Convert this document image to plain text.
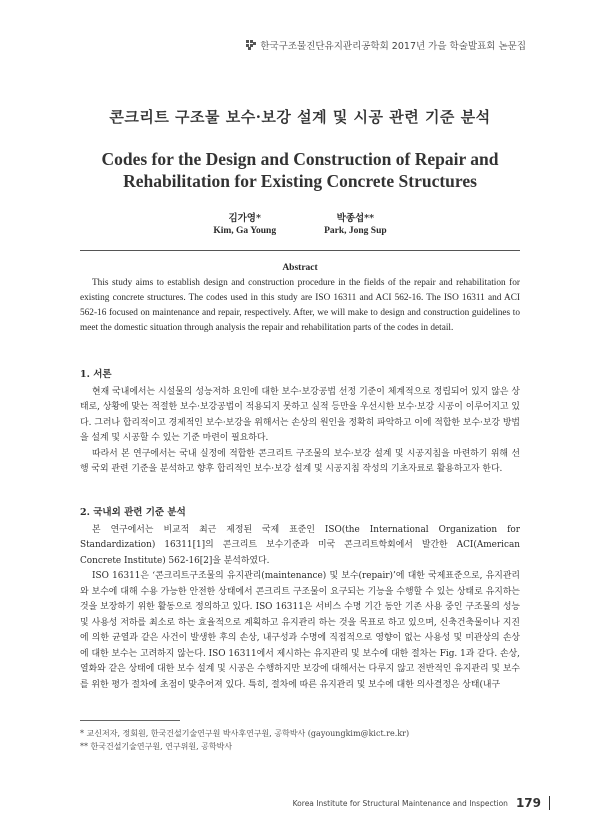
한국구조물진단유지관리공학회 2017년 가을 학술발표회 논문집
콘크리트 구조물 보수·보강 설계 및 시공 관련 기준 분석
Codes for the Design and Construction of Repair and
Rehabilitation for Existing Concrete Structures
김가영*
Kim, Ga Young
박종섭**
Park, Jong Sup
Abstract

This study aims to establish design and construction procedure in the fields of the repair and rehabilitation for existing concrete structures. The codes used in this study are ISO 16311 and ACI 562-16. The ISO 16311 and ACI 562-16 focused on maintenance and repair, respectively. After, we will make to design and construction guidelines to meet the domestic situation through analysis the repair and rehabilitation parts of the codes in detail.

1. 서론

현재 국내에서는 시설물의 성능저하 요인에 대한 보수·보강공법 선정 기준이 체계적으로 정립되어 있지 않은 상태로, 상황에 맞는 적절한 보수·보강공법이 적용되지 못하고 실적 등만을 우선시한 보수·보강 시공이 이루어지고 있다. 그러나 합리적이고 경제적인 보수·보강을 위해서는 손상의 원인을 정확히 파악하고 이에 적합한 보수·보강 방법을 설계 및 시공할 수 있는 기준 마련이 필요하다.

따라서 본 연구에서는 국내 실정에 적합한 콘크리트 구조물의 보수·보강 설계 및 시공지침을 마련하기 위해 선행 국외 관련 기준을 분석하고 향후 합리적인 보수·보강 설계 및 시공지침 작성의 기초자료로 활용하고자 한다.

2. 국내외 관련 기준 분석

본 연구에서는 비교적 최근 제정된 국제 표준인 ISO(the International Organization for Standardization) 16311[1]의 콘크리트 보수기준과 미국 콘크리트학회에서 발간한 ACI(American Concrete Institute) 562-16[2]을 분석하였다.

ISO 16311은 ‘콘크리트구조물의 유지관리(maintenance) 및 보수(repair)’에 대한 국제표준으로, 유지관리와 보수에 대해 수용 가능한 안전한 상태에서 콘크리트 구조물이 요구되는 기능을 수행할 수 있는 상태로 유지하는 것을 보장하기 위한 활동으로 정의하고 있다. ISO 16311은 서비스 수명 기간 동안 기존 사용 중인 구조물의 성능 및 사용성 저하를 최소로 하는 효율적으로 계획하고 유지관리 하는 것을 목표로 하고 있으며, 신축건축물이나 지진에 의한 균열과 같은 사건이 발생한 후의 손상, 내구성과 수명에 직접적으로 영향이 없는 사용성 및 미관상의 손상에 대한 보수는 고려하지 않는다. ISO 16311에서 제시하는 유지관리 및 보수에 대한 절차는 Fig. 1과 같다. 손상, 열화와 같은 상태에 대한 보수 설계 및 시공은 수행하지만 보강에 대해서는 다루지 않고 전반적인 유지관리 및 보수를 위한 평가 절차에 초점이 맞추어져 있다. 특히, 절차에 따른 유지관리 및 보수에 대한 의사결정은 상태(내구

* 교신저자, 정회원, 한국건설기술연구원 박사후연구원, 공학박사 (gayoungkim@kict.re.kr)
** 한국건설기술연구원, 연구위원, 공학박사
Korea Institute for Structural Maintenance and Inspection 179
